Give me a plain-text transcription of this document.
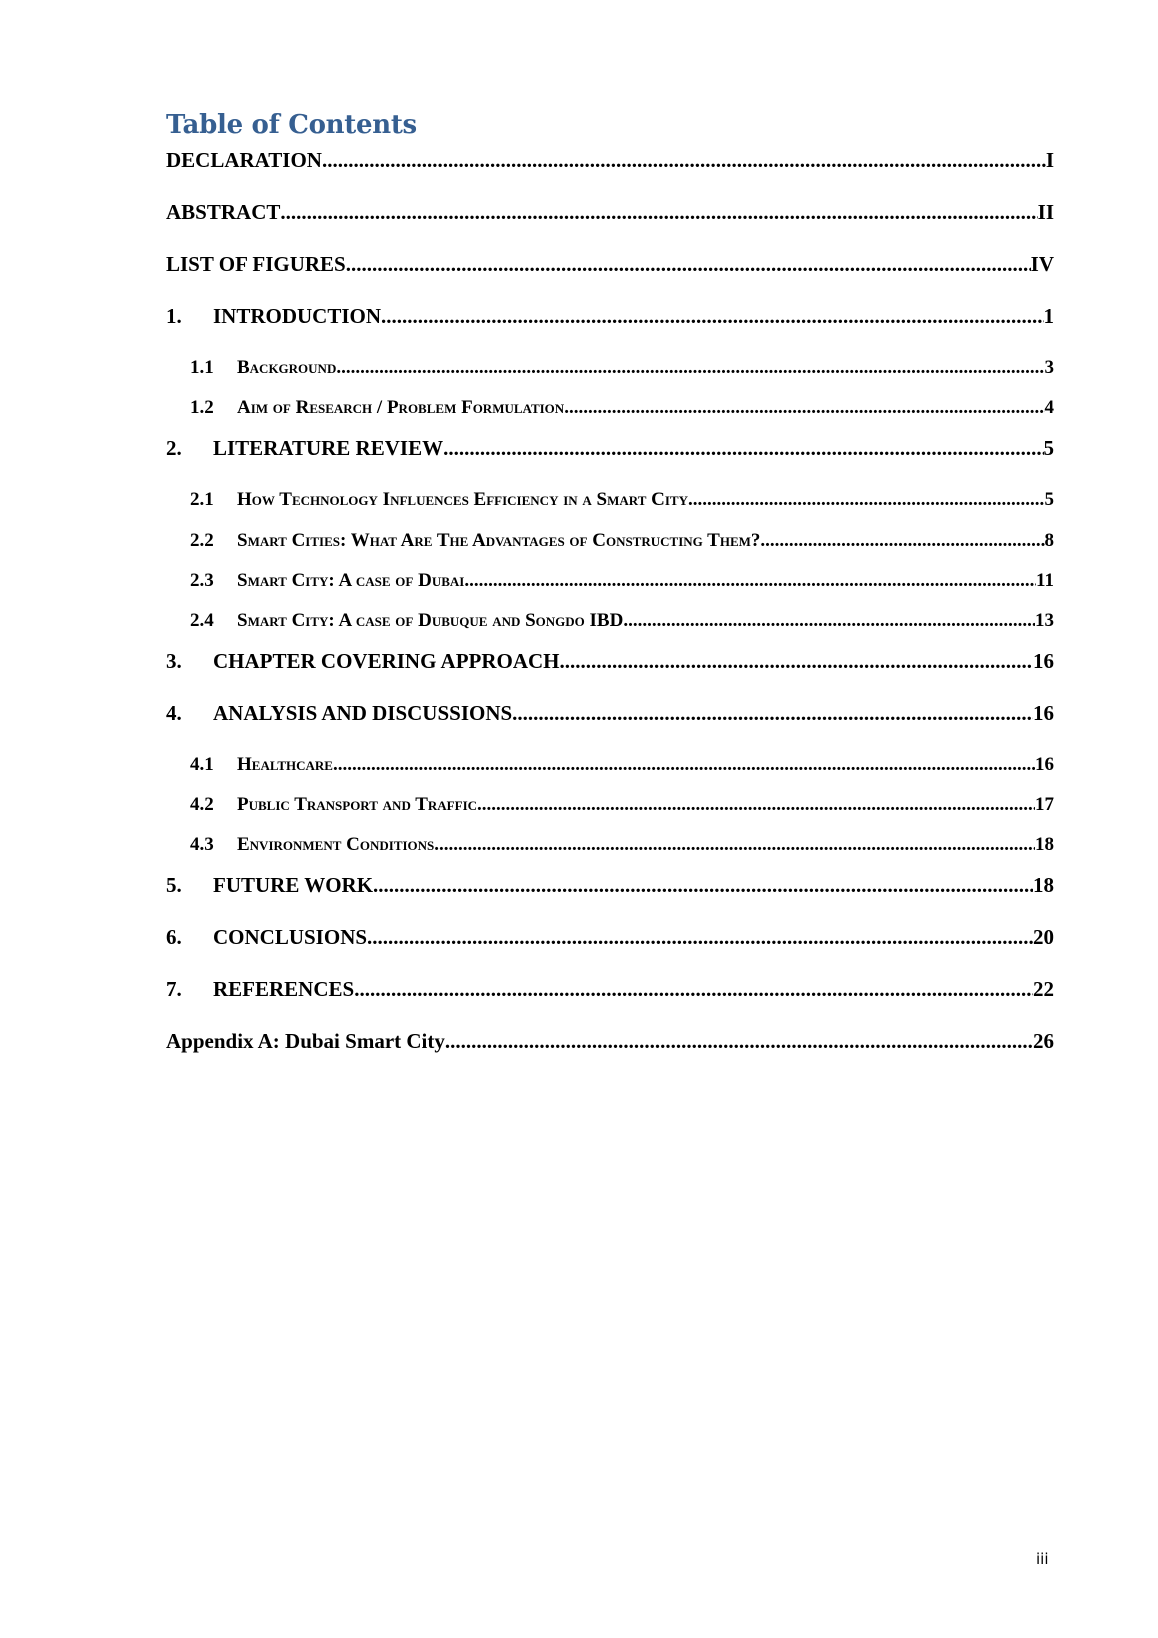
Table of Contents
DECLARATION .....	I
ABSTRACT .....	II
LIST OF FIGURES .....	IV
1.	INTRODUCTION .....	1
1.1	Background .....	3
1.2	Aim of Research / Problem Formulation .....	4
2.	LITERATURE REVIEW .....	5
2.1	How Technology Influences Efficiency in a Smart City .....	5
2.2	Smart Cities: What Are The Advantages of Constructing Them? .....	8
2.3	Smart City: A case of Dubai .....	11
2.4	Smart City: A case of Dubuque and Songdo IBD .....	13
3.	CHAPTER COVERING APPROACH .....	16
4.	ANALYSIS AND DISCUSSIONS .....	16
4.1	Healthcare .....	16
4.2	Public Transport and Traffic .....	17
4.3	Environment Conditions .....	18
5.	FUTURE WORK .....	18
6.	CONCLUSIONS .....	20
7.	REFERENCES .....	22
Appendix A: Dubai Smart City .....	26
iii
